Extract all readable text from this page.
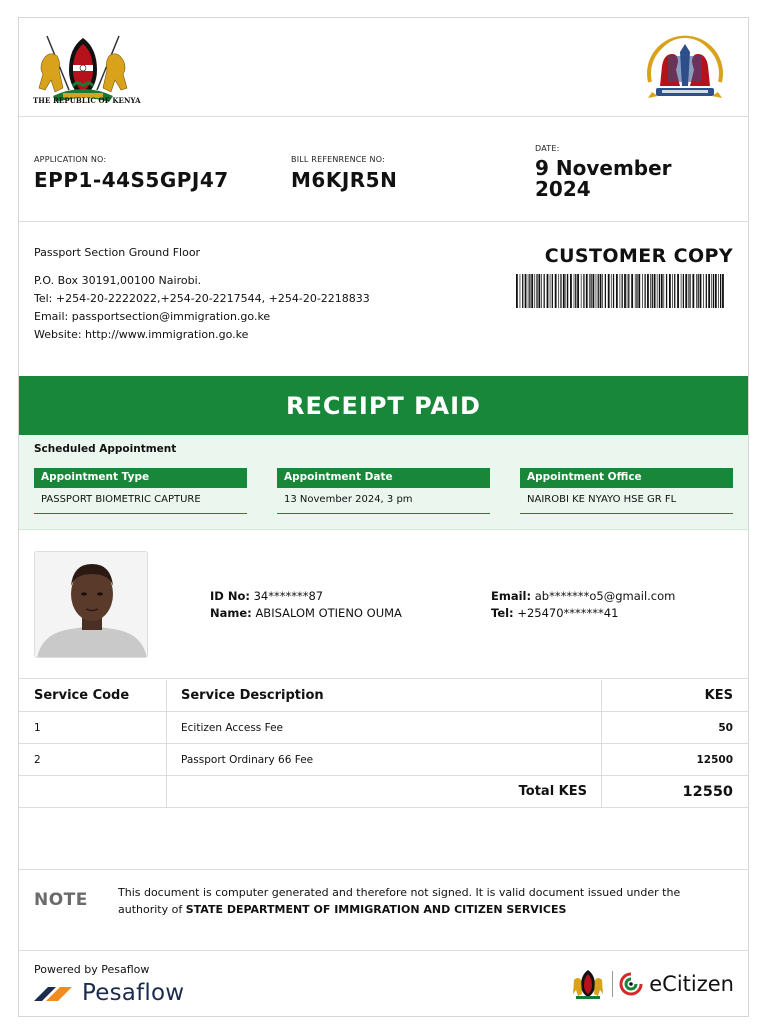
THE REPUBLIC OF KENYA
APPLICATION NO:
EPP1-44S5GPJ47
BILL REFENRENCE NO:
M6KJR5N
DATE:
9 November
2024
Passport Section Ground Floor
P.O. Box 30191,00100 Nairobi.
Tel: +254-20-2222022,+254-20-2217544, +254-20-2218833
Email: passportsection@immigration.go.ke
Website: http://www.immigration.go.ke
CUSTOMER COPY
RECEIPT PAID
Scheduled Appointment
Appointment Type
PASSPORT BIOMETRIC CAPTURE
Appointment Date
13 November 2024, 3 pm
Appointment Office
NAIROBI KE NYAYO HSE GR FL
ID No: 34*******87
Name: ABISALOM OTIENO OUMA
Email: ab*******o5@gmail.com
Tel: +25470*******41
Service Code	Service Description	KES
1	Ecitizen Access Fee	50
2	Passport Ordinary 66 Fee	12500
Total KES	12550
NOTE	This document is computer generated and therefore not signed. It is valid document issued under the authority of STATE DEPARTMENT OF IMMIGRATION AND CITIZEN SERVICES
Powered by Pesaflow
Pesaflow	eCitizen
